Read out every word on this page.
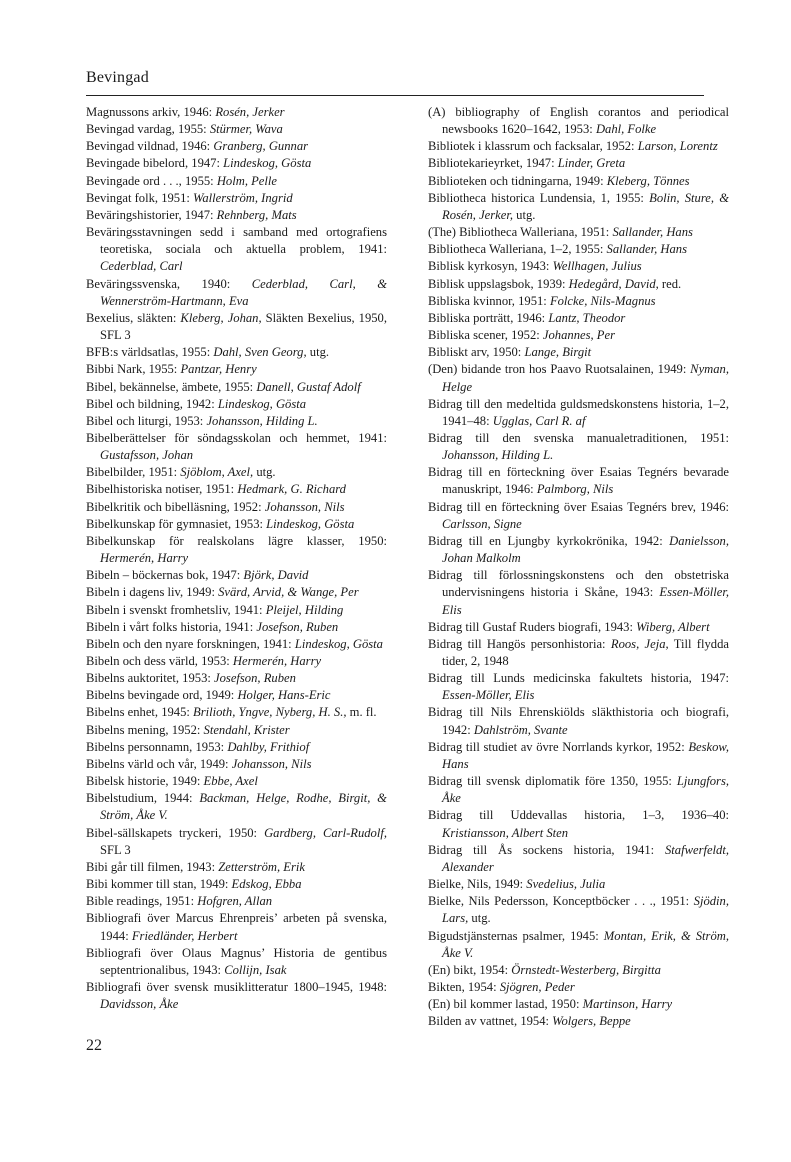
Bevingad
Magnussons arkiv, 1946: Rosén, Jerker
Bevingad vardag, 1955: Stürmer, Wava
Bevingad vildnad, 1946: Granberg, Gunnar
Bevingade bibelord, 1947: Lindeskog, Gösta
Bevingade ord . . ., 1955: Holm, Pelle
Bevingat folk, 1951: Wallerström, Ingrid
Beväringshistorier, 1947: Rehnberg, Mats
Beväringsstavningen sedd i samband med ortografiens teoretiska, sociala och aktuella problem, 1941: Cederblad, Carl
Beväringssvenska, 1940: Cederblad, Carl, & Wennerström-Hartmann, Eva
Bexelius, släkten: Kleberg, Johan, Släkten Bexelius, 1950, SFL 3
BFB:s världsatlas, 1955: Dahl, Sven Georg, utg.
Bibbi Nark, 1955: Pantzar, Henry
Bibel, bekännelse, ämbete, 1955: Danell, Gustaf Adolf
Bibel och bildning, 1942: Lindeskog, Gösta
Bibel och liturgi, 1953: Johansson, Hilding L.
Bibelberättelser för söndagsskolan och hemmet, 1941: Gustafsson, Johan
Bibelbilder, 1951: Sjöblom, Axel, utg.
Bibelhistoriska notiser, 1951: Hedmark, G. Richard
Bibelkritik och bibelläsning, 1952: Johansson, Nils
Bibelkunskap för gymnasiet, 1953: Lindeskog, Gösta
Bibelkunskap för realskolans lägre klasser, 1950: Hermerén, Harry
Bibeln – böckernas bok, 1947: Björk, David
Bibeln i dagens liv, 1949: Svärd, Arvid, & Wange, Per
Bibeln i svenskt fromhetsliv, 1941: Pleijel, Hilding
Bibeln i vårt folks historia, 1941: Josefson, Ruben
Bibeln och den nyare forskningen, 1941: Lindeskog, Gösta
Bibeln och dess värld, 1953: Hermerén, Harry
Bibelns auktoritet, 1953: Josefson, Ruben
Bibelns bevingade ord, 1949: Holger, Hans-Eric
Bibelns enhet, 1945: Brilioth, Yngve, Nyberg, H. S., m. fl.
Bibelns mening, 1952: Stendahl, Krister
Bibelns personnamn, 1953: Dahlby, Frithiof
Bibelns värld och vår, 1949: Johansson, Nils
Bibelsk historie, 1949: Ebbe, Axel
Bibelstudium, 1944: Backman, Helge, Rodhe, Birgit, & Ström, Åke V.
Bibel-sällskapets tryckeri, 1950: Gardberg, Carl-Rudolf, SFL 3
Bibi går till filmen, 1943: Zetterström, Erik
Bibi kommer till stan, 1949: Edskog, Ebba
Bible readings, 1951: Hofgren, Allan
Bibliografi över Marcus Ehrenpreis’ arbeten på svenska, 1944: Friedländer, Herbert
Bibliografi över Olaus Magnus’ Historia de gentibus septentrionalibus, 1943: Collijn, Isak
Bibliografi över svensk musiklitteratur 1800–1945, 1948: Davidsson, Åke
(A) bibliography of English corantos and periodical newsbooks 1620–1642, 1953: Dahl, Folke
Bibliotek i klassrum och facksalar, 1952: Larson, Lorentz
Bibliotekarieyrket, 1947: Linder, Greta
Biblioteken och tidningarna, 1949: Kleberg, Tönnes
Bibliotheca historica Lundensia, 1, 1955: Bolin, Sture, & Rosén, Jerker, utg.
(The) Bibliotheca Walleriana, 1951: Sallander, Hans
Bibliotheca Walleriana, 1–2, 1955: Sallander, Hans
Biblisk kyrkosyn, 1943: Wellhagen, Julius
Biblisk uppslagsbok, 1939: Hedegård, David, red.
Bibliska kvinnor, 1951: Folcke, Nils-Magnus
Bibliska porträtt, 1946: Lantz, Theodor
Bibliska scener, 1952: Johannes, Per
Bibliskt arv, 1950: Lange, Birgit
(Den) bidande tron hos Paavo Ruotsalainen, 1949: Nyman, Helge
Bidrag till den medeltida guldsmedskonstens historia, 1–2, 1941–48: Ugglas, Carl R. af
Bidrag till den svenska manualetraditionen, 1951: Johansson, Hilding L.
Bidrag till en förteckning över Esaias Tegnérs bevarade manuskript, 1946: Palmborg, Nils
Bidrag till en förteckning över Esaias Tegnérs brev, 1946: Carlsson, Signe
Bidrag till en Ljungby kyrkokrönika, 1942: Danielsson, Johan Malkolm
Bidrag till förlossningskonstens och den obstetriska undervisningens historia i Skåne, 1943: Essen-Möller, Elis
Bidrag till Gustaf Ruders biografi, 1943: Wiberg, Albert
Bidrag till Hangös personhistoria: Roos, Jeja, Till flydda tider, 2, 1948
Bidrag till Lunds medicinska fakultets historia, 1947: Essen-Möller, Elis
Bidrag till Nils Ehrenskiölds släkthistoria och biografi, 1942: Dahlström, Svante
Bidrag till studiet av övre Norrlands kyrkor, 1952: Beskow, Hans
Bidrag till svensk diplomatik före 1350, 1955: Ljungfors, Åke
Bidrag till Uddevallas historia, 1–3, 1936–40: Kristiansson, Albert Sten
Bidrag till Ås sockens historia, 1941: Stafwerfeldt, Alexander
Bielke, Nils, 1949: Svedelius, Julia
Bielke, Nils Pedersson, Konceptböcker . . ., 1951: Sjödin, Lars, utg.
Bigudstjänsternas psalmer, 1945: Montan, Erik, & Ström, Åke V.
(En) bikt, 1954: Örnstedt-Westerberg, Birgitta
Bikten, 1954: Sjögren, Peder
(En) bil kommer lastad, 1950: Martinson, Harry
Bilden av vattnet, 1954: Wolgers, Beppe
22
